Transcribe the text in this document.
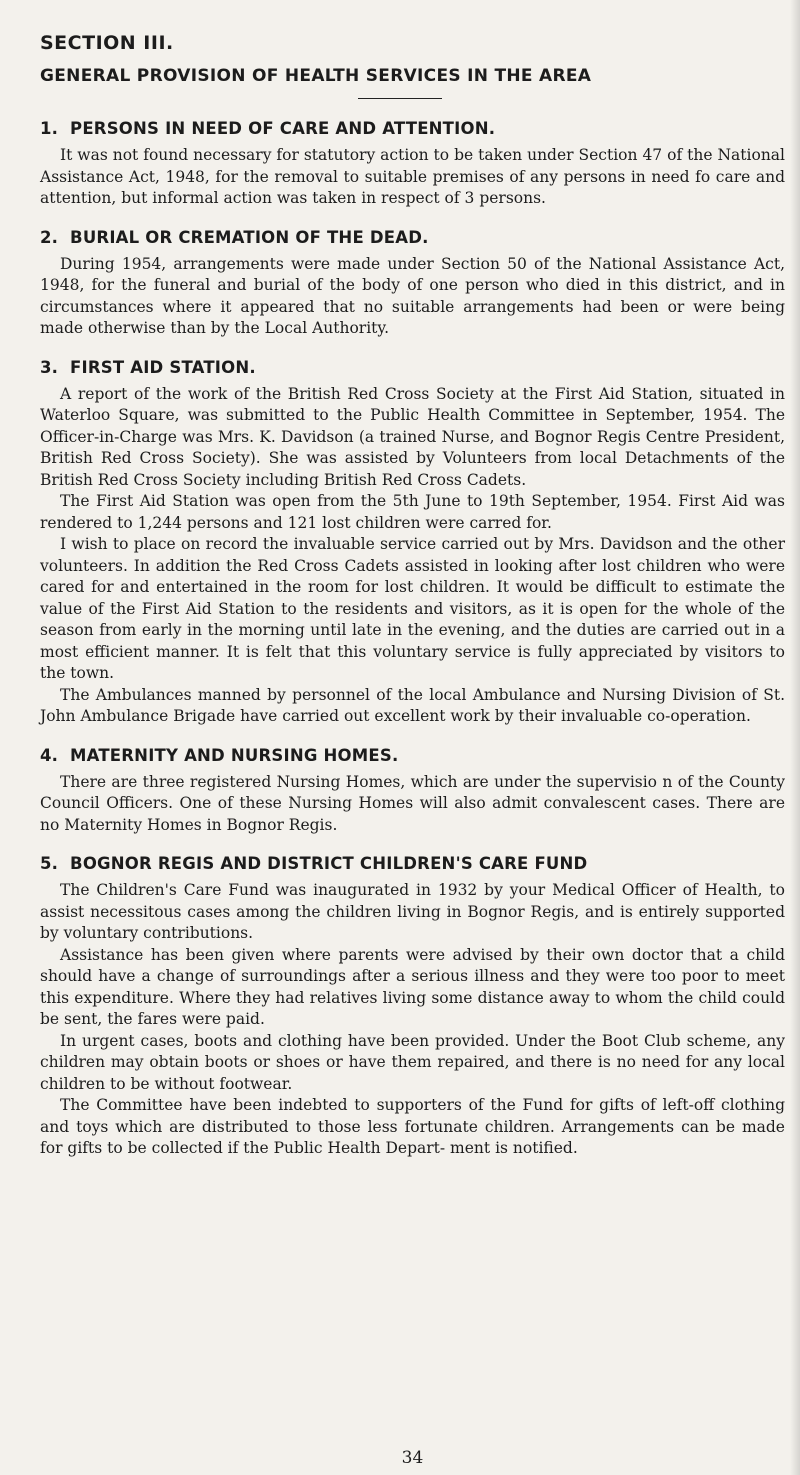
SECTION III.

GENERAL PROVISION OF HEALTH SERVICES IN THE AREA

1. PERSONS IN NEED OF CARE AND ATTENTION.

It was not found necessary for statutory action to be taken under Section 47 of the National Assistance Act, 1948, for the removal to suitable premises of any persons in need fo care and attention, but informal action was taken in respect of 3 persons.

2. BURIAL OR CREMATION OF THE DEAD.

During 1954, arrangements were made under Section 50 of the National Assistance Act, 1948, for the funeral and burial of the body of one person who died in this district, and in circumstances where it appeared that no suitable arrangements had been or were being made otherwise than by the Local Authority.

3. FIRST AID STATION.

A report of the work of the British Red Cross Society at the First Aid Station, situated in Waterloo Square, was submitted to the Public Health Committee in September, 1954. The Officer-in-Charge was Mrs. K. Davidson (a trained Nurse, and Bognor Regis Centre President, British Red Cross Society). She was assisted by Volunteers from local Detachments of the British Red Cross Society including British Red Cross Cadets.

The First Aid Station was open from the 5th June to 19th September, 1954. First Aid was rendered to 1,244 persons and 121 lost children were carred for.

I wish to place on record the invaluable service carried out by Mrs. Davidson and the other volunteers. In addition the Red Cross Cadets assisted in looking after lost children who were cared for and entertained in the room for lost children. It would be difficult to estimate the value of the First Aid Station to the residents and visitors, as it is open for the whole of the season from early in the morning until late in the evening, and the duties are carried out in a most efficient manner. It is felt that this voluntary service is fully appreciated by visitors to the town.

The Ambulances manned by personnel of the local Ambulance and Nursing Division of St. John Ambulance Brigade have carried out excellent work by their invaluable co-operation.

4. MATERNITY AND NURSING HOMES.

There are three registered Nursing Homes, which are under the supervisio n of the County Council Officers. One of these Nursing Homes will also admit convalescent cases. There are no Maternity Homes in Bognor Regis.

5. BOGNOR REGIS AND DISTRICT CHILDREN'S CARE FUND

The Children's Care Fund was inaugurated in 1932 by your Medical Officer of Health, to assist necessitous cases among the children living in Bognor Regis, and is entirely supported by voluntary contributions.

Assistance has been given where parents were advised by their own doctor that a child should have a change of surroundings after a serious illness and they were too poor to meet this expenditure. Where they had relatives living some distance away to whom the child could be sent, the fares were paid.

In urgent cases, boots and clothing have been provided. Under the Boot Club scheme, any children may obtain boots or shoes or have them repaired, and there is no need for any local children to be without footwear.

The Committee have been indebted to supporters of the Fund for gifts of left-off clothing and toys which are distributed to those less fortunate children. Arrangements can be made for gifts to be collected if the Public Health Depart- ment is notified.

34
